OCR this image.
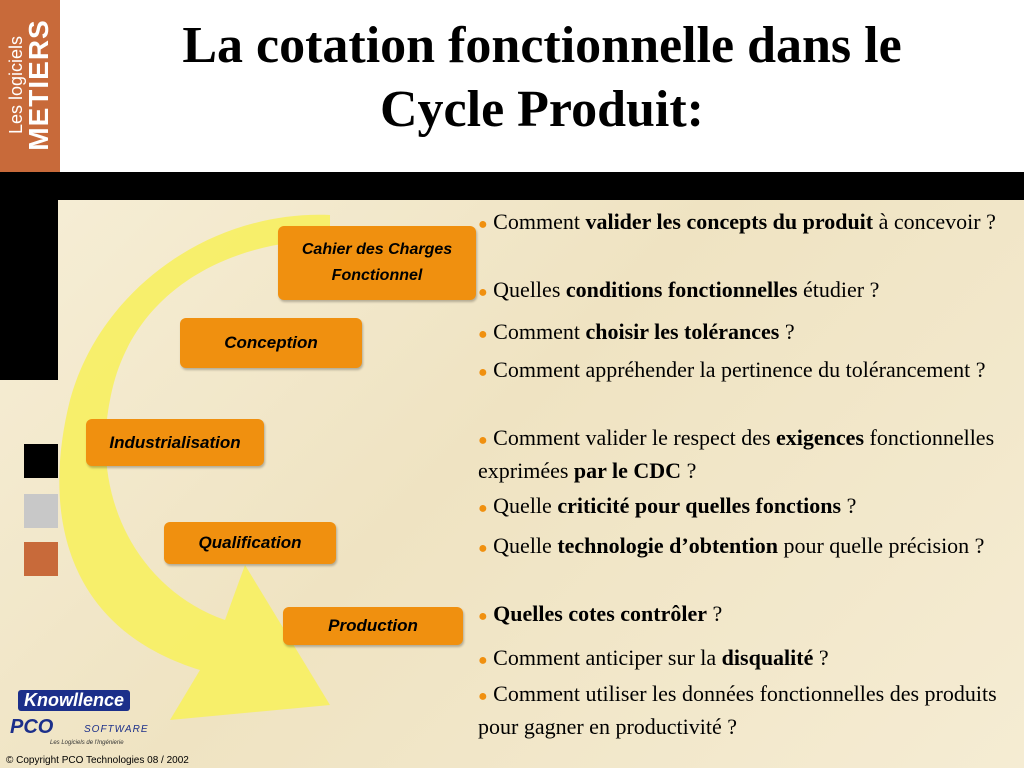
Les logiciels
METIERS	La cotation fonctionnelle dans le
Cycle Produit:
Cahier des Charges
Fonctionnel
Conception
Industrialisation
Qualification
Production

● Comment valider les concepts du produit à concevoir ?

● Quelles conditions fonctionnelles étudier ?

● Comment choisir les tolérances ?

● Comment appréhender la pertinence du tolérancement ?

● Comment valider le respect des exigences fonctionnelles exprimées par le CDC ?

● Quelle criticité pour quelles fonctions ?

● Quelle technologie d’obtention pour quelle précision ?

● Quelles cotes contrôler ?

● Comment anticiper sur la disqualité ?

● Comment utiliser les données fonctionnelles des produits pour gagner en productivité ?

Knowllence
PCO	SOFTWARE
Les Logiciels de l'Ingénierie
© Copyright PCO Technologies 08 / 2002
